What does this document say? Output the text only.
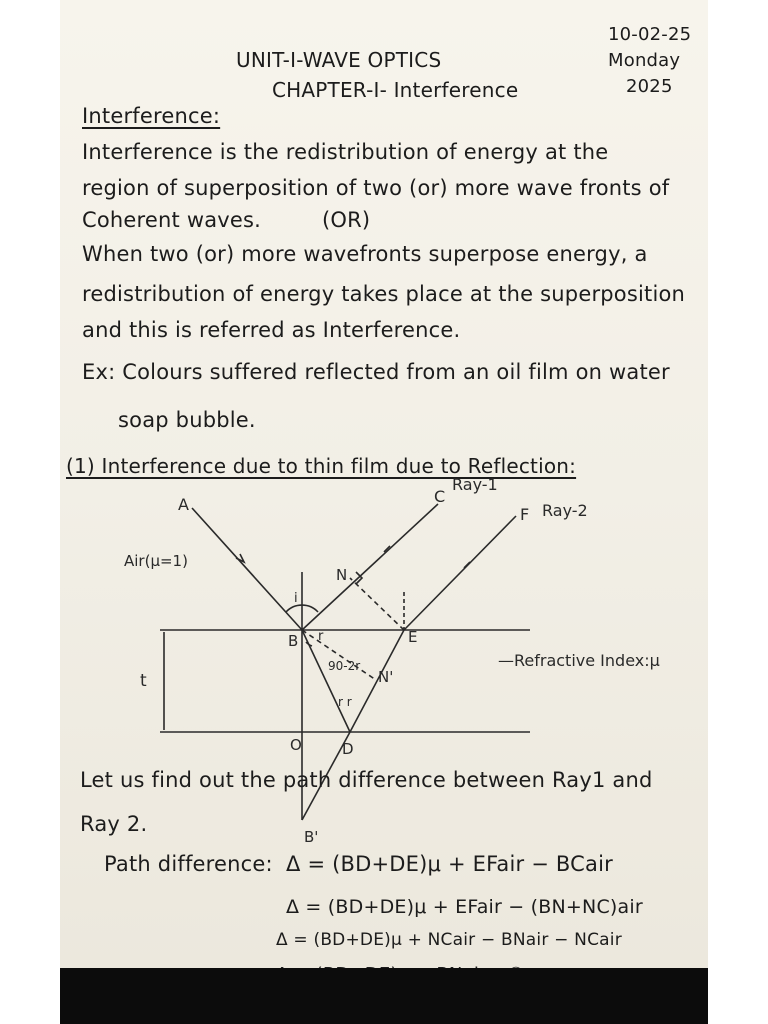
UNIT-I-WAVE OPTICS
CHAPTER-I- Interference
10-02-25
Monday
2025
Interference:
Interference is the redistribution of energy at the
region of superposition of two (or) more wave fronts of
Coherent waves.	(OR)
When two (or) more wavefronts superpose energy, a
redistribution of energy takes place at the superposition
and this is referred as Interference.
Ex: Colours suffered reflected from an oil film on water
soap bubble.
(1) Interference due to thin film due to Reflection:
A	C
Ray-1
F Ray-2
Air(μ=1)
N
i
B r	E
90-2r
N'
r r
t
O	D
B'
—Refractive Index:μ
Let us find out the path difference between Ray1 and
Ray 2.
Path difference: Δ = (BD+DE)μ + EFair − BCair
Δ = (BD+DE)μ + EFair − (BN+NC)air
Δ = (BD+DE)μ + NCair − BNair − NCair
